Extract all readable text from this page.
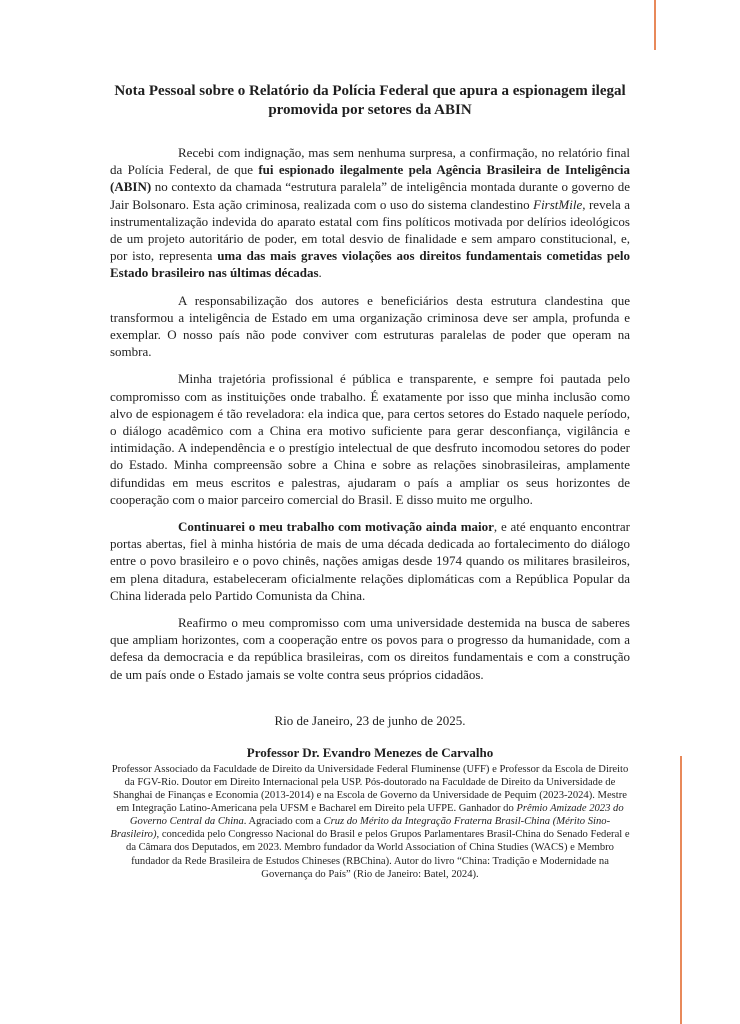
Nota Pessoal sobre o Relatório da Polícia Federal que apura a espionagem ilegal promovida por setores da ABIN

Recebi com indignação, mas sem nenhuma surpresa, a confirmação, no relatório final da Polícia Federal, de que fui espionado ilegalmente pela Agência Brasileira de Inteligência (ABIN) no contexto da chamada “estrutura paralela” de inteligência montada durante o governo de Jair Bolsonaro. Esta ação criminosa, realizada com o uso do sistema clandestino FirstMile, revela a instrumentalização indevida do aparato estatal com fins políticos motivada por delírios ideológicos de um projeto autoritário de poder, em total desvio de finalidade e sem amparo constitucional, e, por isto, representa uma das mais graves violações aos direitos fundamentais cometidas pelo Estado brasileiro nas últimas décadas.

A responsabilização dos autores e beneficiários desta estrutura clandestina que transformou a inteligência de Estado em uma organização criminosa deve ser ampla, profunda e exemplar. O nosso país não pode conviver com estruturas paralelas de poder que operam na sombra.

Minha trajetória profissional é pública e transparente, e sempre foi pautada pelo compromisso com as instituições onde trabalho. É exatamente por isso que minha inclusão como alvo de espionagem é tão reveladora: ela indica que, para certos setores do Estado naquele período, o diálogo acadêmico com a China era motivo suficiente para gerar desconfiança, vigilância e intimidação. A independência e o prestígio intelectual de que desfruto incomodou setores do poder do Estado. Minha compreensão sobre a China e sobre as relações sinobrasileiras, amplamente difundidas em meus escritos e palestras, ajudaram o país a ampliar os seus horizontes de cooperação com o maior parceiro comercial do Brasil. E disso muito me orgulho.

Continuarei o meu trabalho com motivação ainda maior, e até enquanto encontrar portas abertas, fiel à minha história de mais de uma década dedicada ao fortalecimento do diálogo entre o povo brasileiro e o povo chinês, nações amigas desde 1974 quando os militares brasileiros, em plena ditadura, estabeleceram oficialmente relações diplomáticas com a República Popular da China liderada pelo Partido Comunista da China.

Reafirmo o meu compromisso com uma universidade destemida na busca de saberes que ampliam horizontes, com a cooperação entre os povos para o progresso da humanidade, com a defesa da democracia e da república brasileiras, com os direitos fundamentais e com a construção de um país onde o Estado jamais se volte contra seus próprios cidadãos.

Rio de Janeiro, 23 de junho de 2025.

Professor Dr. Evandro Menezes de Carvalho

Professor Associado da Faculdade de Direito da Universidade Federal Fluminense (UFF) e Professor da Escola de Direito da FGV-Rio. Doutor em Direito Internacional pela USP. Pós-doutorado na Faculdade de Direito da Universidade de Shanghai de Finanças e Economia (2013-2014) e na Escola de Governo da Universidade de Pequim (2023-2024). Mestre em Integração Latino-Americana pela UFSM e Bacharel em Direito pela UFPE. Ganhador do Prêmio Amizade 2023 do Governo Central da China. Agraciado com a Cruz do Mérito da Integração Fraterna Brasil-China (Mérito Sino-Brasileiro), concedida pelo Congresso Nacional do Brasil e pelos Grupos Parlamentares Brasil-China do Senado Federal e da Câmara dos Deputados, em 2023. Membro fundador da World Association of China Studies (WACS) e Membro fundador da Rede Brasileira de Estudos Chineses (RBChina). Autor do livro “China: Tradição e Modernidade na Governança do País” (Rio de Janeiro: Batel, 2024).
